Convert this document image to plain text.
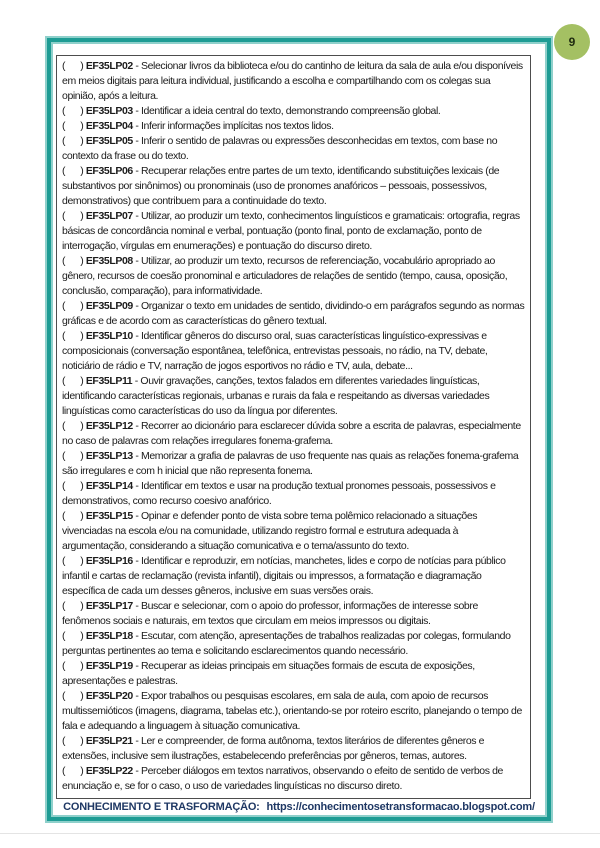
9
(      ) EF35LP02 - Selecionar livros da biblioteca e/ou do cantinho de leitura da sala de aula e/ou disponíveis em meios digitais para leitura individual, justificando a escolha e compartilhando com os colegas sua opinião, após a leitura.
(      ) EF35LP03 - Identificar a ideia central do texto, demonstrando compreensão global.
(      ) EF35LP04 - Inferir informações implícitas nos textos lidos.
(      ) EF35LP05 - Inferir o sentido de palavras ou expressões desconhecidas em textos, com base no contexto da frase ou do texto.
(      ) EF35LP06 - Recuperar relações entre partes de um texto, identificando substituições lexicais (de substantivos por sinônimos) ou pronominais (uso de pronomes anafóricos – pessoais, possessivos, demonstrativos) que contribuem para a continuidade do texto.
(      ) EF35LP07 - Utilizar, ao produzir um texto, conhecimentos linguísticos e gramaticais: ortografia, regras básicas de concordância nominal e verbal, pontuação (ponto final, ponto de exclamação, ponto de interrogação, vírgulas em enumerações) e pontuação do discurso direto.
(      ) EF35LP08 - Utilizar, ao produzir um texto, recursos de referenciação, vocabulário apropriado ao gênero, recursos de coesão pronominal e articuladores de relações de sentido (tempo, causa, oposição, conclusão, comparação), para informatividade.
(      ) EF35LP09 - Organizar o texto em unidades de sentido, dividindo-o em parágrafos segundo as normas gráficas e de acordo com as características do gênero textual.
(      ) EF35LP10 - Identificar gêneros do discurso oral, suas características linguístico-expressivas e composicionais (conversação espontânea, telefônica, entrevistas pessoais, no rádio, na TV, debate, noticiário de rádio e TV, narração de jogos esportivos no rádio e TV, aula, debate...
(      ) EF35LP11 - Ouvir gravações, canções, textos falados em diferentes variedades linguísticas, identificando características regionais, urbanas e rurais da fala e respeitando as diversas variedades linguísticas como características do uso da língua por diferentes.
(      ) EF35LP12 - Recorrer ao dicionário para esclarecer dúvida sobre a escrita de palavras, especialmente no caso de palavras com relações irregulares fonema-grafema.
(      ) EF35LP13 - Memorizar a grafia de palavras de uso frequente nas quais as relações fonema-grafema são irregulares e com h inicial que não representa fonema.
(      ) EF35LP14 - Identificar em textos e usar na produção textual pronomes pessoais, possessivos e demonstrativos, como recurso coesivo anafórico.
(      ) EF35LP15 - Opinar e defender ponto de vista sobre tema polêmico relacionado a situações vivenciadas na escola e/ou na comunidade, utilizando registro formal e estrutura adequada à argumentação, considerando a situação comunicativa e o tema/assunto do texto.
(      ) EF35LP16 - Identificar e reproduzir, em notícias, manchetes, lides e corpo de notícias para público infantil e cartas de reclamação (revista infantil), digitais ou impressos, a formatação e diagramação específica de cada um desses gêneros, inclusive em suas versões orais.
(      ) EF35LP17 - Buscar e selecionar, com o apoio do professor, informações de interesse sobre fenômenos sociais e naturais, em textos que circulam em meios impressos ou digitais.
(      ) EF35LP18 - Escutar, com atenção, apresentações de trabalhos realizadas por colegas, formulando perguntas pertinentes ao tema e solicitando esclarecimentos quando necessário.
(      ) EF35LP19 - Recuperar as ideias principais em situações formais de escuta de exposições, apresentações e palestras.
(      ) EF35LP20 - Expor trabalhos ou pesquisas escolares, em sala de aula, com apoio de recursos multissemióticos (imagens, diagrama, tabelas etc.), orientando-se por roteiro escrito, planejando o tempo de fala e adequando a linguagem à situação comunicativa.
(      ) EF35LP21 - Ler e compreender, de forma autônoma, textos literários de diferentes gêneros e extensões, inclusive sem ilustrações, estabelecendo preferências por gêneros, temas, autores.
(      ) EF35LP22 - Perceber diálogos em textos narrativos, observando o efeito de sentido de verbos de enunciação e, se for o caso, o uso de variedades linguísticas no discurso direto.
CONHECIMENTO E TRASFORMAÇÃO: https://conhecimentosetransformacao.blogspot.com/
